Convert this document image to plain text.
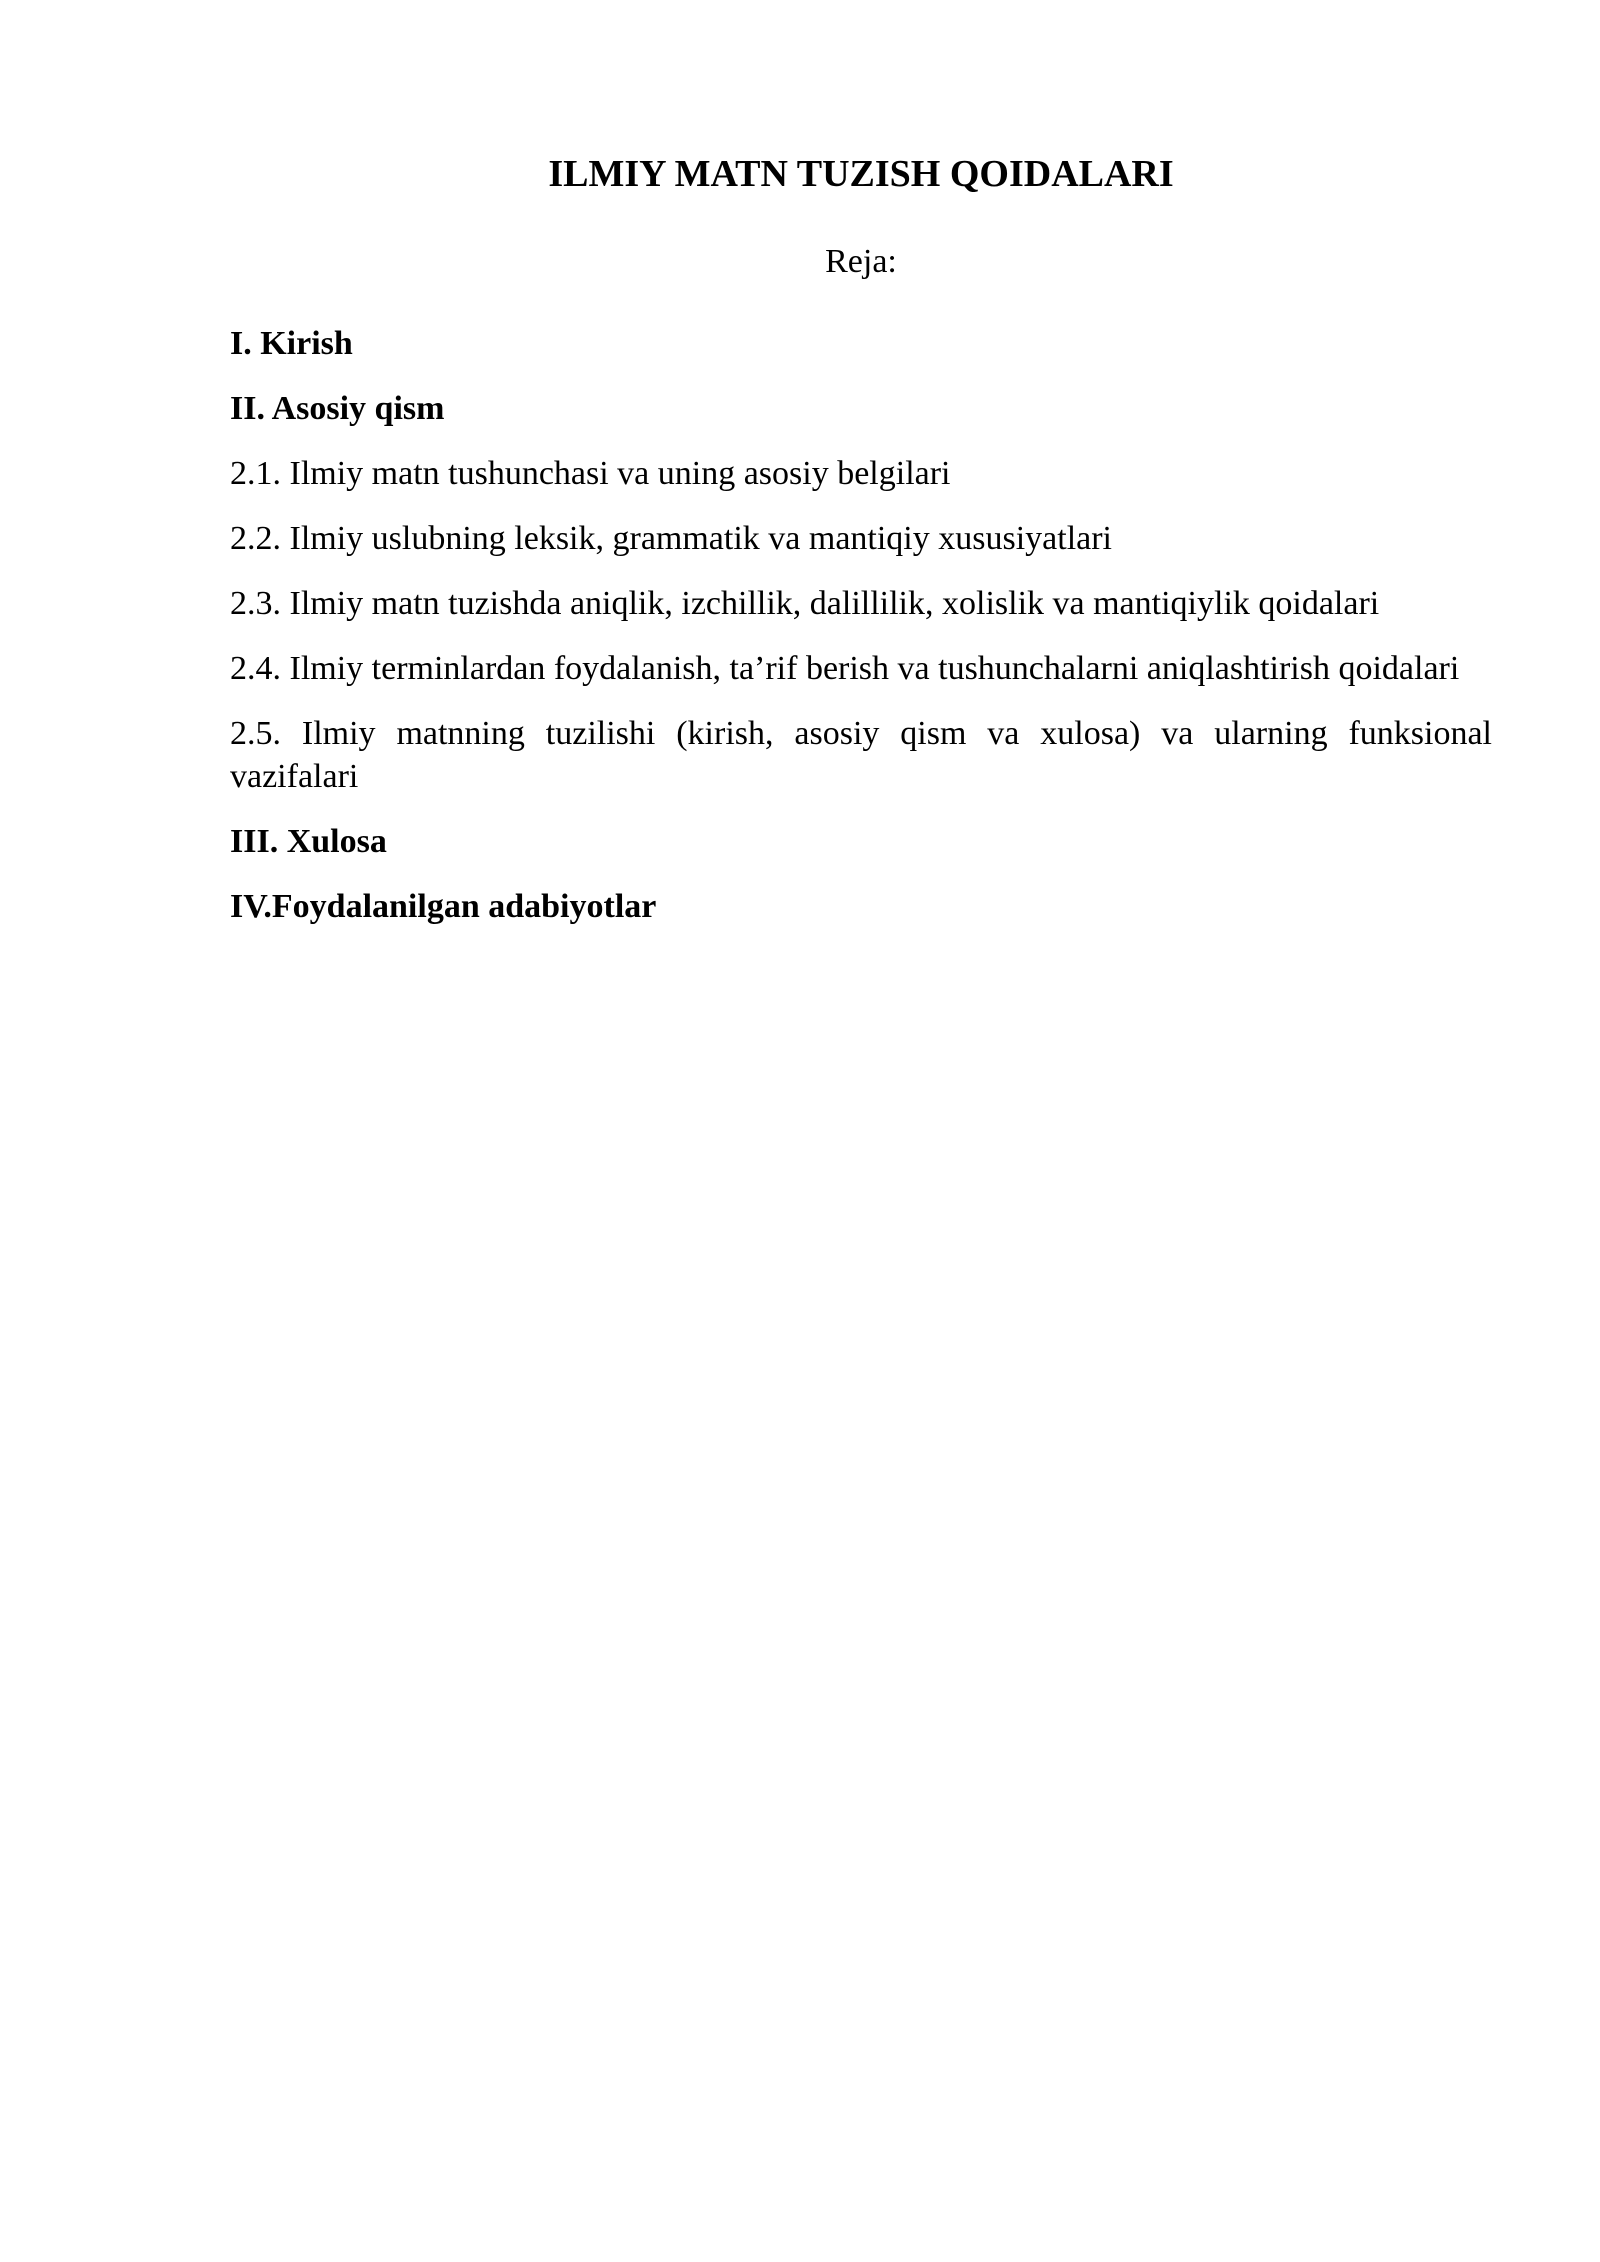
ILMIY MATN TUZISH QOIDALARI
Reja:
I. Kirish
II. Asosiy qism
2.1. Ilmiy matn tushunchasi va uning asosiy belgilari
2.2. Ilmiy uslubning leksik, grammatik va mantiqiy xususiyatlari
2.3. Ilmiy matn tuzishda aniqlik, izchillik, dalillilik, xolislik va mantiqiylik qoidalari
2.4. Ilmiy terminlardan foydalanish, ta’rif berish va tushunchalarni aniqlashtirish qoidalari
2.5. Ilmiy matnning tuzilishi (kirish, asosiy qism va xulosa) va ularning funksional vazifalari
III. Xulosa
IV.Foydalanilgan adabiyotlar
